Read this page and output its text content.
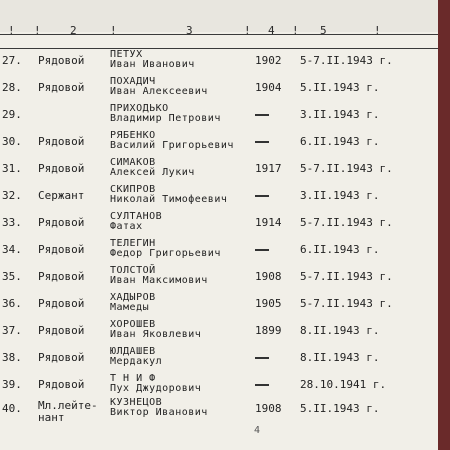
! !	2	!	3	! 4 ! 5	!
27. Рядовой	ПЕТУХ
Иван Иванович	1902 5-7.II.1943 г.
28. Рядовой	ПОХАДИЧ
Иван Алексеевич	1904 5.II.1943 г.
29.	ПРИХОДЬКО
Владимир Петрович	3.II.1943 г.
30. Рядовой	РЯБЕНКО
Василий Григорьевич	6.II.1943 г.
31. Рядовой	СИМАКОВ
Алексей Лукич	1917 5-7.II.1943 г.
32. Сержант	СКИПРОВ
Николай Тимофеевич	3.II.1943 г.
33. Рядовой	СУЛТАНОВ
Фатах	1914 5-7.II.1943 г.
34. Рядовой	ТЕЛЕГИН
Федор Григорьевич	6.II.1943 г.
35. Рядовой	ТОЛСТОЙ
Иван Максимович	1908 5-7.II.1943 г.
36. Рядовой	ХАДЫРОВ
Мамеды	1905 5-7.II.1943 г.
37. Рядовой	ХОРОШЕВ
Иван Яковлевич	1899 8.II.1943 г.
38. Рядовой	ЮЛДАШЕВ
Мердакул	8.II.1943 г.
39. Рядовой	Т Н И Ф
Пух Джудорович	28.10.1941 г.
40. Мл.лейте-
нант
КУЗНЕЦОВ
Виктор Иванович	1908 5.II.1943 г.
4
